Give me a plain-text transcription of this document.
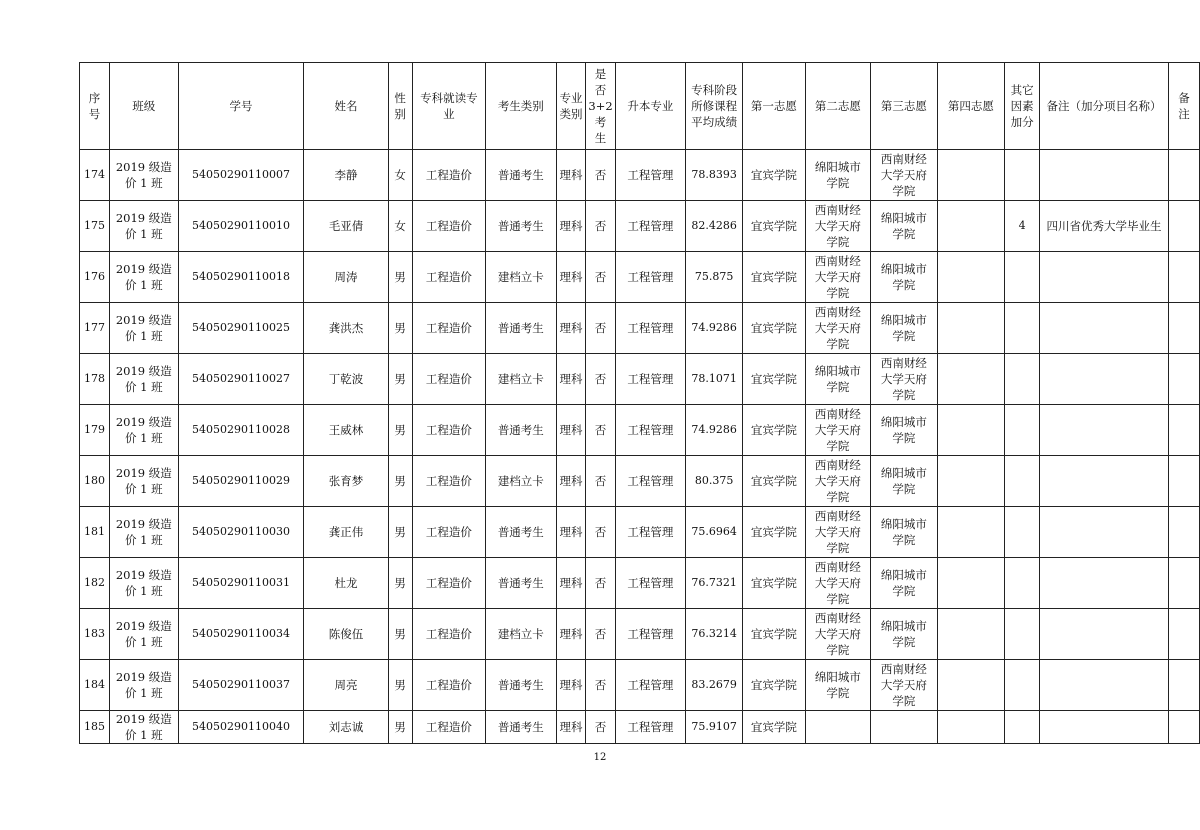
序
号	班级	学号	姓名	性
别	专科就读专业	考生类别	专业
类别	是
否
3+2
考
生	升本专业	专科阶段
所修课程
平均成绩	第一志愿	第二志愿	第三志愿	第四志愿	其它
因素
加分	备注（加分项目名称）	备
注
174	2019 级造
价 1 班	54050290110007	李静	女	工程造价	普通考生	理科	否	工程管理	78.8393	宜宾学院	绵阳城市
学院	西南财经
大学天府
学院				
175	2019 级造
价 1 班	54050290110010	毛亚倩	女	工程造价	普通考生	理科	否	工程管理	82.4286	宜宾学院	西南财经
大学天府
学院	绵阳城市
学院		4	四川省优秀大学毕业生	
176	2019 级造
价 1 班	54050290110018	周涛	男	工程造价	建档立卡	理科	否	工程管理	75.875	宜宾学院	西南财经
大学天府
学院	绵阳城市
学院				
177	2019 级造
价 1 班	54050290110025	龚洪杰	男	工程造价	普通考生	理科	否	工程管理	74.9286	宜宾学院	西南财经
大学天府
学院	绵阳城市
学院				
178	2019 级造
价 1 班	54050290110027	丁乾波	男	工程造价	建档立卡	理科	否	工程管理	78.1071	宜宾学院	绵阳城市
学院	西南财经
大学天府
学院				
179	2019 级造
价 1 班	54050290110028	王威林	男	工程造价	普通考生	理科	否	工程管理	74.9286	宜宾学院	西南财经
大学天府
学院	绵阳城市
学院				
180	2019 级造
价 1 班	54050290110029	张育梦	男	工程造价	建档立卡	理科	否	工程管理	80.375	宜宾学院	西南财经
大学天府
学院	绵阳城市
学院				
181	2019 级造
价 1 班	54050290110030	龚正伟	男	工程造价	普通考生	理科	否	工程管理	75.6964	宜宾学院	西南财经
大学天府
学院	绵阳城市
学院				
182	2019 级造
价 1 班	54050290110031	杜龙	男	工程造价	普通考生	理科	否	工程管理	76.7321	宜宾学院	西南财经
大学天府
学院	绵阳城市
学院				
183	2019 级造
价 1 班	54050290110034	陈俊伍	男	工程造价	建档立卡	理科	否	工程管理	76.3214	宜宾学院	西南财经
大学天府
学院	绵阳城市
学院				
184	2019 级造
价 1 班	54050290110037	周亮	男	工程造价	普通考生	理科	否	工程管理	83.2679	宜宾学院	绵阳城市
学院	西南财经
大学天府
学院				
185	2019 级造
价 1 班	54050290110040	刘志诚	男	工程造价	普通考生	理科	否	工程管理	75.9107	宜宾学院						
12
